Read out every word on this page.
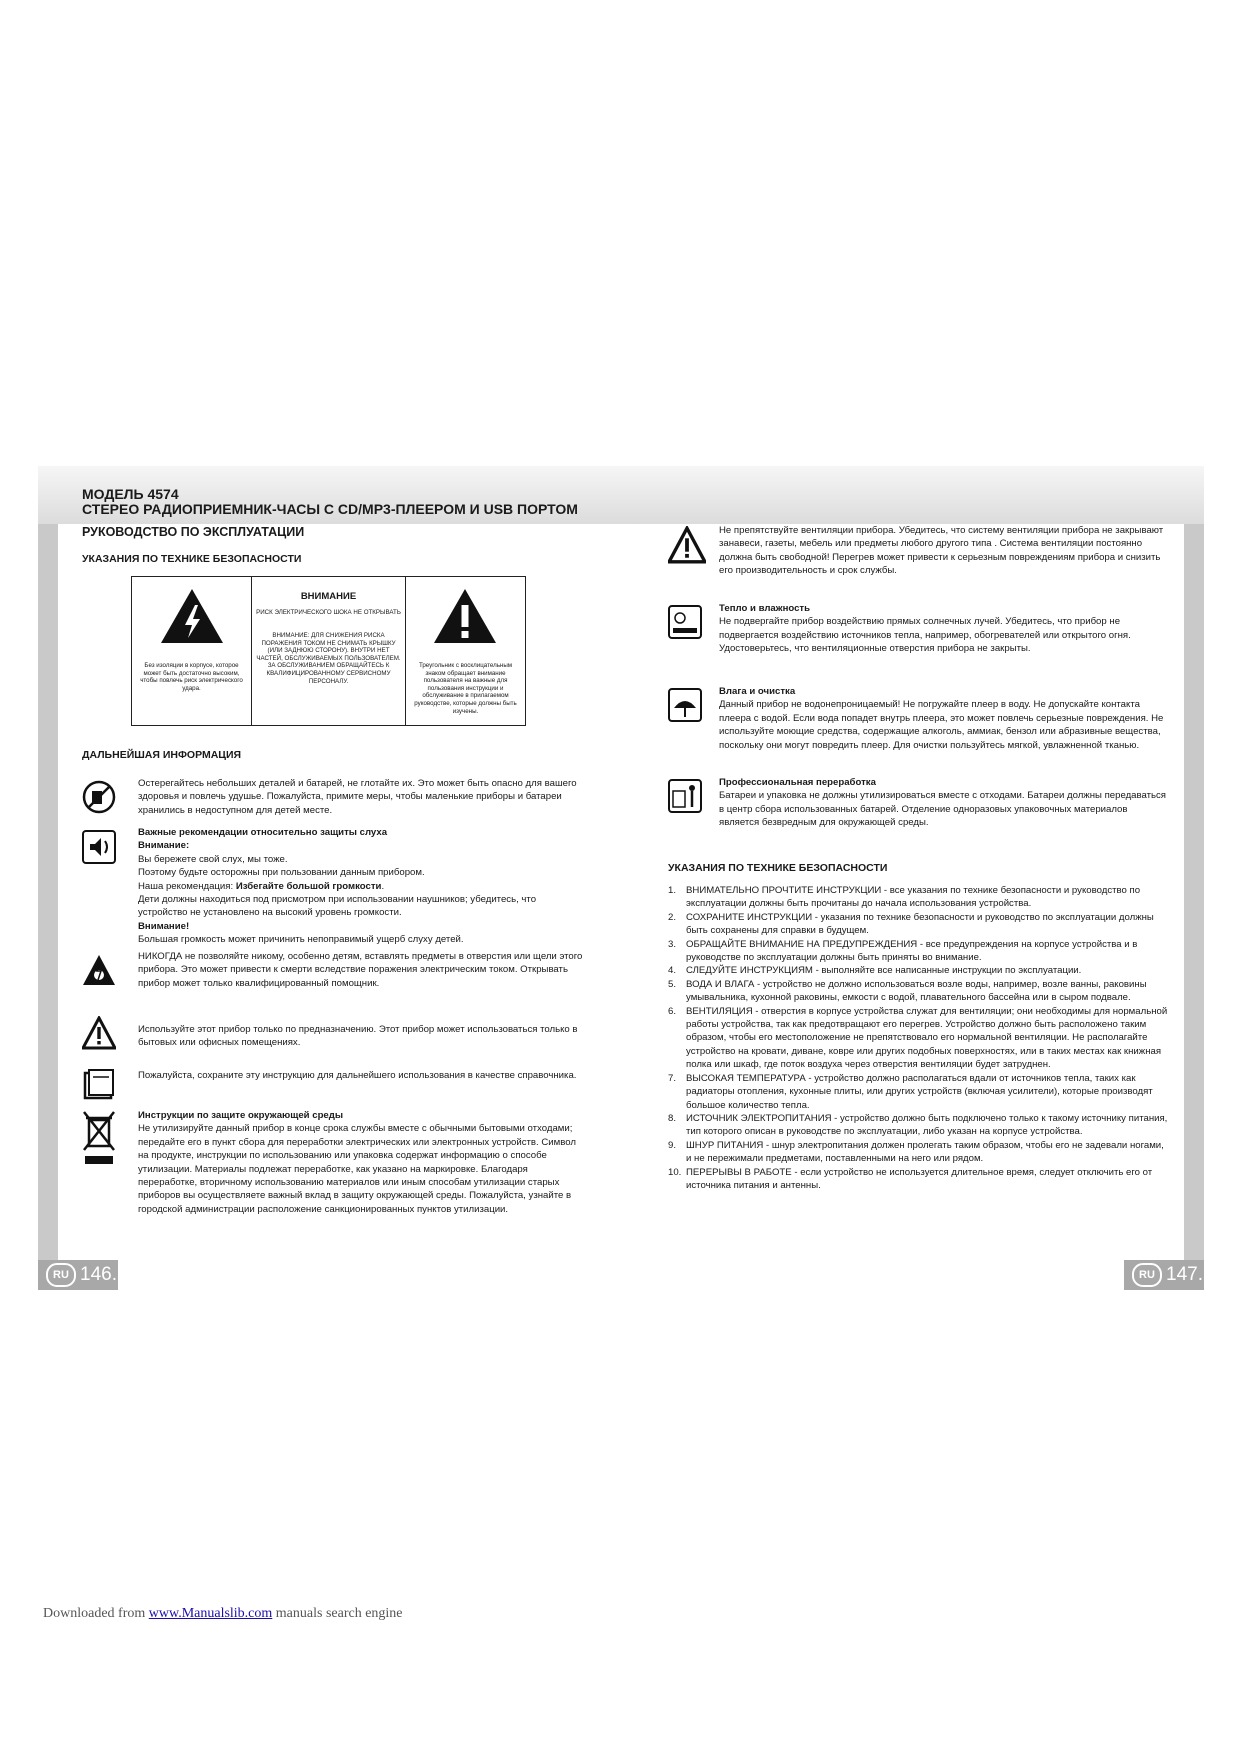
МОДЕЛЬ 4574
СТЕРЕО РАДИОПРИЕМНИК-ЧАСЫ С CD/MP3-ПЛЕЕРОМ И USB ПОРТОМ
РУКОВОДСТВО ПО ЭКСПЛУАТАЦИИ
УКАЗАНИЯ ПО ТЕХНИКЕ БЕЗОПАСНОСТИ
Без изоляции в корпусе, которое может быть достаточно высоким, чтобы повлечь риск электрического удара.
ВНИМАНИЕ
РИСК ЭЛЕКТРИЧЕСКОГО ШОКА НЕ ОТКРЫВАТЬ
ВНИМАНИЕ: ДЛЯ СНИЖЕНИЯ РИСКА ПОРАЖЕНИЯ ТОКОМ НЕ СНИМАТЬ КРЫШКУ (ИЛИ ЗАДНЮЮ СТОРОНУ). ВНУТРИ НЕТ ЧАСТЕЙ, ОБСЛУЖИВАЕМЫХ ПОЛЬЗОВАТЕЛЕМ. ЗА ОБСЛУЖИВАНИЕМ ОБРАЩАЙТЕСЬ К КВАЛИФИЦИРОВАННОМУ СЕРВИСНОМУ ПЕРСОНАЛУ.
Треугольник с восклицательным знаком обращает внимание пользователя на важные для пользования инструкции и обслуживание в прилагаемом руководстве, которые должны быть изучены.
ДАЛЬНЕЙШАЯ ИНФОРМАЦИЯ
Остерегайтесь небольших деталей и батарей, не глотайте их. Это может быть опасно для вашего здоровья и повлечь удушье. Пожалуйста, примите меры, чтобы маленькие приборы и батареи хранились в недоступном для детей месте.
Важные рекомендации относительно защиты слуха
Внимание:
Вы бережете свой слух, мы тоже.
Поэтому будьте осторожны при пользовании данным прибором.
Наша рекомендация: Избегайте большой громкости.
Дети должны находиться под присмотром при использовании наушников; убедитесь, что устройство не установлено на высокий уровень громкости.
Внимание!
Большая громкость может причинить непоправимый ущерб слуху детей.
НИКОГДА не позволяйте никому, особенно детям, вставлять предметы в отверстия или щели этого прибора. Это может привести к смерти вследствие поражения электрическим током. Открывать прибор может только квалифицированный помощник.
Используйте этот прибор только по предназначению. Этот прибор может использоваться только в бытовых или офисных помещениях.
Пожалуйста, сохраните эту инструкцию для дальнейшего использования в качестве справочника.
Инструкции по защите окружающей среды
Не утилизируйте данный прибор в конце срока службы вместе с обычными бытовыми отходами; передайте его в пункт сбора для переработки электрических или электронных устройств. Символ на продукте, инструкции по использованию или упаковка содержат информацию о способе утилизации. Материалы подлежат переработке, как указано на маркировке. Благодаря переработке, вторичному использованию материалов или иным способам утилизации старых приборов вы осуществляете важный вклад в защиту окружающей среды. Пожалуйста, узнайте в городской администрации расположение санкционированных пунктов утилизации.
RU 146.
Не препятствуйте вентиляции прибора. Убедитесь, что систему вентиляции прибора не закрывают занавеси, газеты, мебель или предметы любого другого типа . Система вентиляции постоянно должна быть свободной! Перегрев может привести к серьезным повреждениям прибора и снизить его производительность и срок службы.
Тепло и влажность
Не подвергайте прибор воздействию прямых солнечных лучей. Убедитесь, что прибор не подвергается воздействию источников тепла, например, обогревателей или открытого огня. Удостоверьтесь, что вентиляционные отверстия прибора не закрыты.
Влага и очистка
Данный прибор не водонепроницаемый! Не погружайте плеер в воду. Не допускайте контакта плеера с водой. Если вода попадет внутрь плеера, это может повлечь серьезные повреждения. Не используйте моющие средства, содержащие алкоголь, аммиак, бензол или абразивные вещества, поскольку они могут повредить плеер. Для очистки пользуйтесь мягкой, увлажненной тканью.
Профессиональная переработка
Батареи и упаковка не должны утилизироваться вместе с отходами. Батареи должны передаваться в центр сбора использованных батарей. Отделение одноразовых упаковочных материалов является безвредным для окружающей среды.
УКАЗАНИЯ ПО ТЕХНИКЕ БЕЗОПАСНОСТИ
1. ВНИМАТЕЛЬНО ПРОЧТИТЕ ИНСТРУКЦИИ - все указания по технике безопасности и руководство по эксплуатации должны быть прочитаны до начала использования устройства.
2. СОХРАНИТЕ ИНСТРУКЦИИ - указания по технике безопасности и руководство по эксплуатации должны быть сохранены для справки в будущем.
3. ОБРАЩАЙТЕ ВНИМАНИЕ НА ПРЕДУПРЕЖДЕНИЯ - все предупреждения на корпусе устройства и в руководстве по эксплуатации должны быть приняты во внимание.
4. СЛЕДУЙТЕ ИНСТРУКЦИЯМ - выполняйте все написанные инструкции по эксплуатации.
5. ВОДА И ВЛАГА - устройство не должно использоваться возле воды, например, возле ванны, раковины умывальника, кухонной раковины, емкости с водой, плавательного бассейна или в сыром подвале.
6. ВЕНТИЛЯЦИЯ - отверстия в корпусе устройства служат для вентиляции; они необходимы для нормальной работы устройства, так как предотвращают его перегрев. Устройство должно быть расположено таким образом, чтобы его местоположение не препятствовало его нормальной вентиляции. Не располагайте устройство на кровати, диване, ковре или других подобных поверхностях, или в таких местах как книжная полка или шкаф, где поток воздуха через отверстия вентиляции будет затруднен.
7. ВЫСОКАЯ ТЕМПЕРАТУРА - устройство должно располагаться вдали от источников тепла, таких как радиаторы отопления, кухонные плиты, или других устройств (включая усилители), которые производят большое количество тепла.
8. ИСТОЧНИК ЭЛЕКТРОПИТАНИЯ - устройство должно быть подключено только к такому источнику питания, тип которого описан в руководстве по эксплуатации, либо указан на корпусе устройства.
9. ШНУР ПИТАНИЯ - шнур электропитания должен пролегать таким образом, чтобы его не задевали ногами, и не пережимали предметами, поставленными на него или рядом.
10. ПЕРЕРЫВЫ В РАБОТЕ - если устройство не используется длительное время, следует отключить его от источника питания и антенны.
RU 147.
Downloaded from www.Manualslib.com manuals search engine
